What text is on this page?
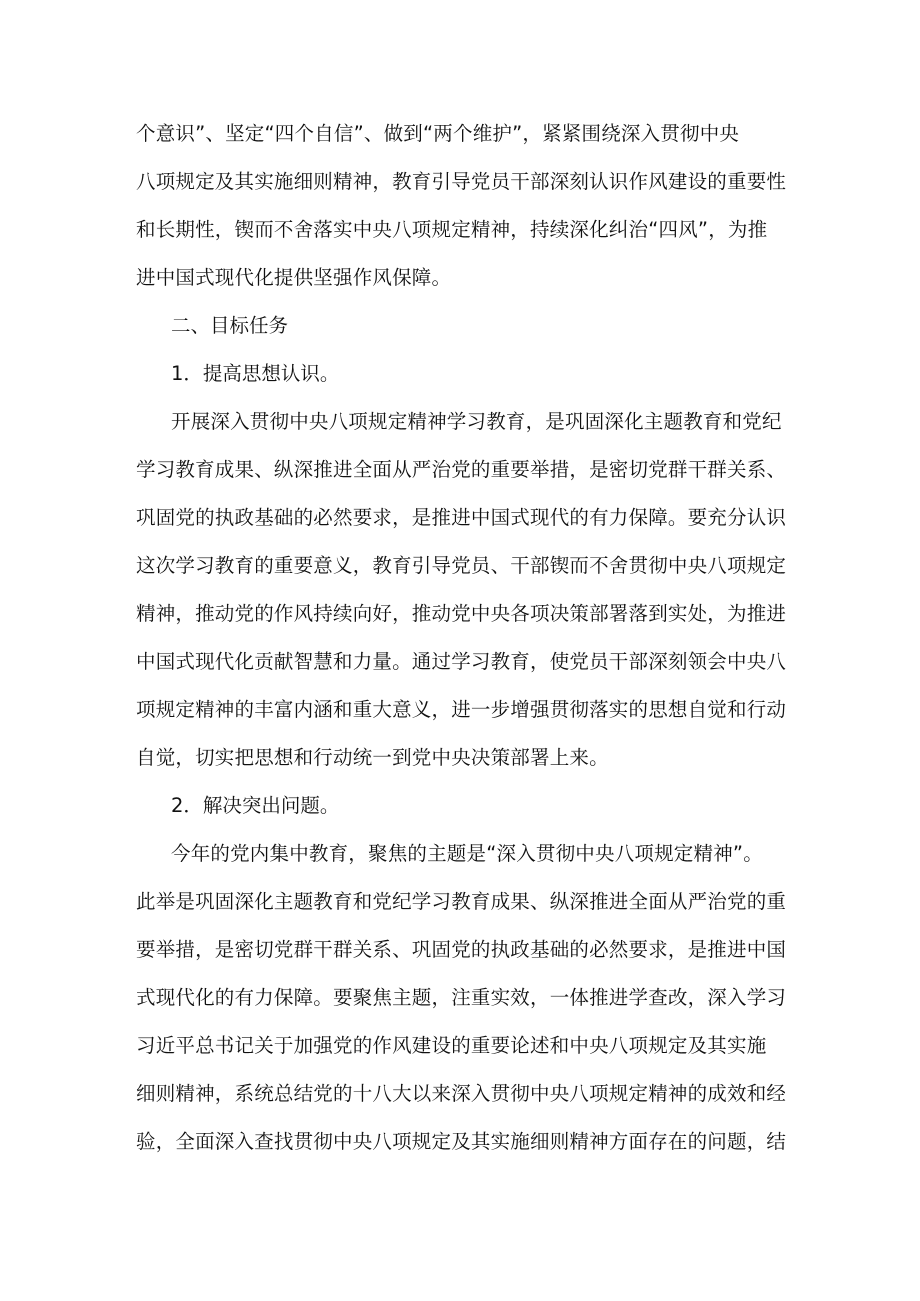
个意识”、坚定“四个自信”、做到“两个维护”，紧紧围绕深入贯彻中央
八项规定及其实施细则精神，教育引导党员干部深刻认识作风建设的重要性
和长期性，锲而不舍落实中央八项规定精神，持续深化纠治“四风”，为推
进中国式现代化提供坚强作风保障。
二、目标任务
1．提高思想认识。
开展深入贯彻中央八项规定精神学习教育，是巩固深化主题教育和党纪
学习教育成果、纵深推进全面从严治党的重要举措，是密切党群干群关系、
巩固党的执政基础的必然要求，是推进中国式现代的有力保障。要充分认识
这次学习教育的重要意义，教育引导党员、干部锲而不舍贯彻中央八项规定
精神，推动党的作风持续向好，推动党中央各项决策部署落到实处，为推进
中国式现代化贡献智慧和力量。通过学习教育，使党员干部深刻领会中央八
项规定精神的丰富内涵和重大意义，进一步增强贯彻落实的思想自觉和行动
自觉，切实把思想和行动统一到党中央决策部署上来。
2．解决突出问题。
今年的党内集中教育，聚焦的主题是“深入贯彻中央八项规定精神”。
此举是巩固深化主题教育和党纪学习教育成果、纵深推进全面从严治党的重
要举措，是密切党群干群关系、巩固党的执政基础的必然要求，是推进中国
式现代化的有力保障。要聚焦主题，注重实效，一体推进学查改，深入学习
习近平总书记关于加强党的作风建设的重要论述和中央八项规定及其实施
细则精神，系统总结党的十八大以来深入贯彻中央八项规定精神的成效和经
验，全面深入查找贯彻中央八项规定及其实施细则精神方面存在的问题，结
